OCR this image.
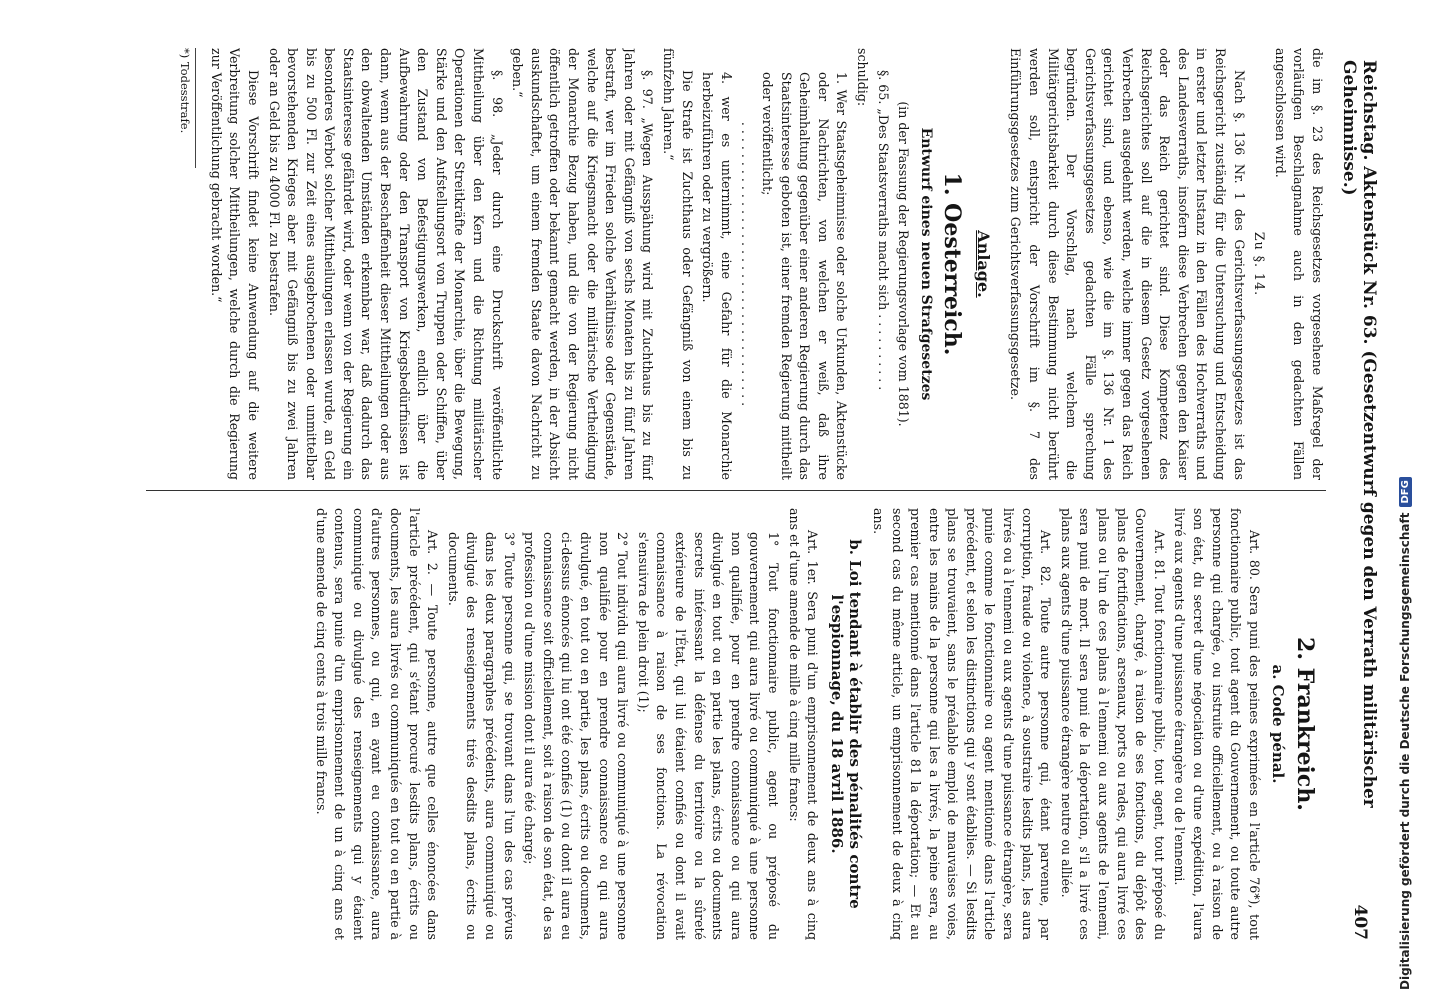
Reichstag. Aktenstück Nr. 63. (Gesetzentwurf gegen den Verrath militärischer Geheimnisse.)
407

die im §. 23 des Reichsgesetzes vorgesehene Maßregel der vorläufigen Beschlagnahme auch in den gedachten Fällen angeschlossen wird.

Zu §. 14.

Nach §. 136 Nr. 1 des Gerichtsverfassungsgesetzes ist das Reichsgericht zuständig für die Untersuchung und Entscheidung in erster und letzter Instanz in den Fällen des Hochverraths und des Landesverraths, insofern diese Verbrechen gegen den Kaiser oder das Reich gerichtet sind. Diese Kompetenz des Reichsgerichtes soll auf die in diesem Gesetz vorgesehenen Verbrechen ausgedehnt werden, welche immer gegen das Reich gerichtet sind, und ebenso, wie die im §. 136 Nr. 1 des Gerichtsverfassungsgesetzes gedachten Fälle sprechung begründen. Der Vorschlag, nach welchem die Militärgerichtsbarkeit durch diese Bestimmung nicht berührt werden soll, entspricht der Vorschrift im §. 7 des Einführungsgesetzes zum Gerichtsverfassungsgesetze.

Anlage.
1. Oesterreich.
Entwurf eines neuen Strafgesetzes

(in der Fassung der Regierungsvorlage vom 1881).

§. 65. „Des Staatsverraths macht sich . . . . . . . . . .

schuldig:

1. Wer Staatsgeheimnisse oder solche Urkunden, Aktenstücke oder Nachrichten, von welchen er weiß, daß ihre Geheimhaltung gegenüber einer anderen Regierung durch das Staatsinteresse geboten ist, einer fremden Regierung mittheilt oder veröffentlicht;

. . . . . . . . . . . . . . . . . . . . . . . . . . . . . . . . . . . .

4. wer es unternimmt, eine Gefahr für die Monarchie herbeizuführen oder zu vergrößern.

Die Strafe ist Zuchthaus oder Gefängniß von einem bis zu fünfzehn Jahren.“

§. 97. „Wegen Ausspähung wird mit Zuchthaus bis zu fünf Jahren oder mit Gefängniß von sechs Monaten bis zu fünf Jahren bestraft, wer im Frieden solche Verhältnisse oder Gegenstände, welche auf die Kriegsmacht oder die militärische Vertheidigung der Monarchie Bezug haben, und die von der Regierung nicht öffentlich getroffen oder bekannt gemacht werden, in der Absicht auskundschaftet, um einem fremden Staate davon Nachricht zu geben.“

§. 98. „Jeder durch eine Druckschrift veröffentlichte Mittheilung über den Kern und die Richtung militärischer Operationen der Streitkräfte der Monarchie, über die Bewegung, Stärke und den Aufstellungsort von Truppen oder Schiffen, über den Zustand von Befestigungswerken, endlich über die Aufbewahrung oder den Transport von Kriegsbedürfnissen ist dann, wenn aus der Beschaffenheit dieser Mittheilungen oder aus den obwaltenden Umständen erkennbar war, daß dadurch das Staatsinteresse gefährdet wird, oder wenn von der Regierung ein besonderes Verbot solcher Mittheilungen erlassen wurde, an Geld bis zu 500 Fl. zur Zeit eines ausgebrochenen oder unmittelbar bevorstehenden Krieges aber mit Gefängniß bis zu zwei Jahren oder an Geld bis zu 4000 Fl. zu bestrafen.

Diese Vorschrift findet keine Anwendung auf die weitere Verbreitung solcher Mittheilungen, welche durch die Regierung zur Veröffentlichung gebracht worden.“

2. Frankreich.
a. Code pénal.

Art. 80. Sera puni des peines exprimées en l'article 76*), tout fonctionnaire public, tout agent du Gouvernement, ou toute autre personne qui chargée, ou instruite officiellement, ou à raison de son état, du secret d'une négociation ou d'une expédition, l'aura livré aux agents d'une puissance étrangère ou de l'ennemi.

Art. 81. Tout fonctionnaire public, tout agent, tout préposé du Gouvernement, chargé, à raison de ses fonctions, du dépôt des plans de fortifications, arsenaux, ports ou rades, qui aura livré ces plans ou l'un de ces plans à l'ennemi ou aux agents de l'ennemi, sera puni de mort. Il sera puni de la déportation, s'il a livré ces plans aux agents d'une puissance étrangère neutre ou alliée.

Art. 82. Toute autre personne qui, étant parvenue, par corruption, fraude ou violence, à soustraire lesdits plans, les aura livrés ou à l'ennemi ou aux agents d'une puissance étrangère, sera punie comme le fonctionnaire ou agent mentionné dans l'article précédent, et selon les distinctions qui y sont établies. — Si lesdits plans se trouvaient, sans le préalable emploi de mauvaises voies, entre les mains de la personne qui les a livrés, la peine sera, au premier cas mentionné dans l'article 81 la déportation; — Et au second cas du même article, un emprisonnement de deux à cinq ans.

b. Loi tendant à établir des pénalités contre l'espionnage, du 18 avril 1886.

Art. 1er. Sera puni d'un emprisonnement de deux ans à cinq ans et d'une amende de mille à cinq mille francs:

1° Tout fonctionnaire public, agent ou préposé du gouvernement qui aura livré ou communiqué à une personne non qualifiée, pour en prendre connaissance ou qui aura divulgué en tout ou en partie les plans, écrits ou documents secrets intéressant la défense du territoire ou la sûreté extérieure de l'État, qui lui étaient confiés ou dont il avait connaissance à raison de ses fonctions. La révocation s'ensuivra de plein droit (1);

2° Tout individu qui aura livré ou communiqué à une personne non qualifiée pour en prendre connaissance ou qui aura divulgué, en tout ou en partie, les plans, écrits ou documents, ci-dessus énoncés qui lui ont été confiés (1) ou dont il aura eu connaissance soit officiellement, soit à raison de son état, de sa profession ou d'une mission dont il aura été chargé;

3° Toute personne qui, se trouvant dans l'un des cas prévus dans les deux paragraphes précédents, aura communiqué ou divulgué des renseignements tirés desdits plans, écrits ou documents.

Art. 2. — Toute personne, autre que celles énoncées dans l'article précédent, qui s'étant procuré lesdits plans, écrits ou documents, les aura livrés ou communiqués en tout ou en partie à d'autres personnes, ou qui, en ayant eu connaissance, aura communiqué ou divulgué des renseignements qui y étaient contenus, sera punie d'un emprisonnement de un à cinq ans et d'une amende de cinq cents à trois mille francs.

*) Todesstrafe.
Digitalisierung gefördert durch die Deutsche Forschungsgemeinschaft
DFG
